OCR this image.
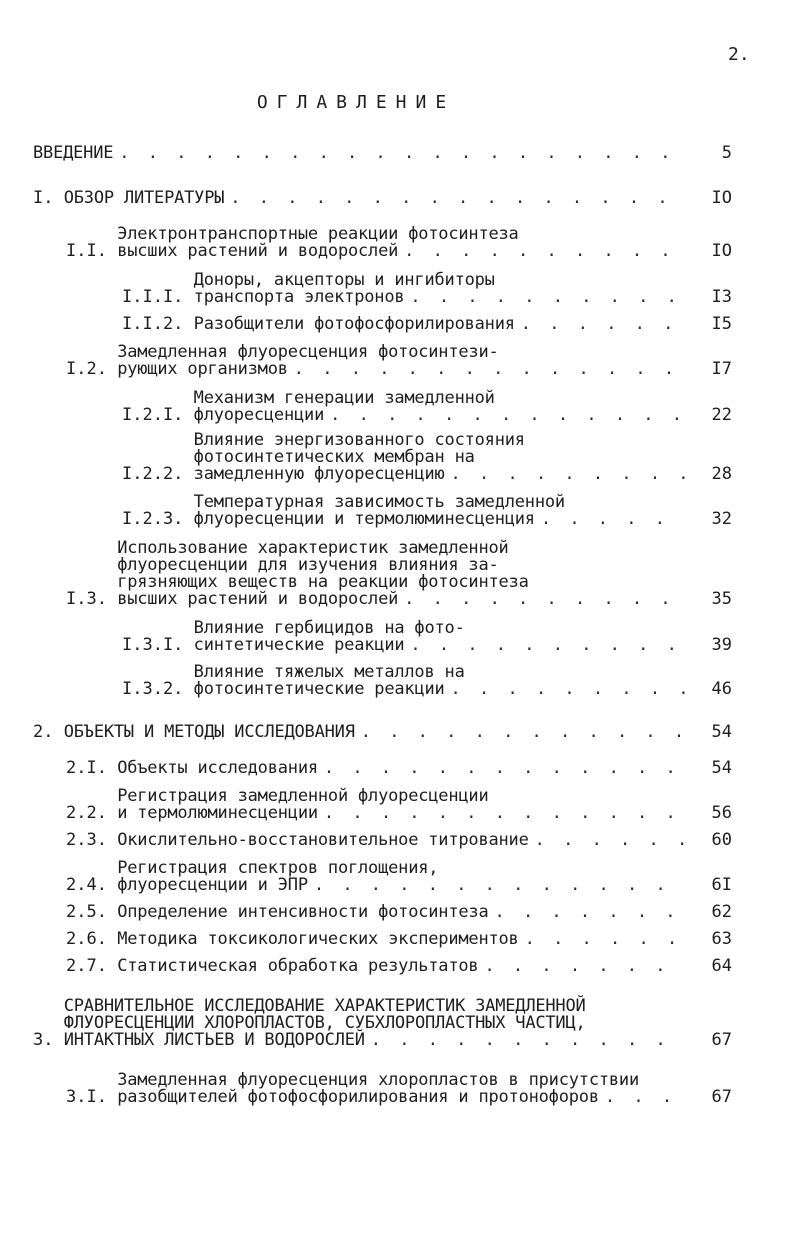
2.
ОГЛАВЛЕНИЕ
ВВЕДЕНИЕ . . .	5
I. ОБЗОР ЛИТЕРАТУРЫ . . .	IO
I.I.
Электронтранспортные реакции фотосинтеза
высших растений и водорослей . . .	IO
I.I.I.
Доноры, акцепторы и ингибиторы
транспорта электронов . . .	I3
I.I.2. Разобщители фотофосфорилирования . . .	I5
I.2.
Замедленная флуоресценция фотосинтези-
рующих организмов . . .	I7
I.2.I.
Механизм генерации замедленной
флуоресценции . . .	22
I.2.2.
Влияние энергизованного состояния
фотосинтетических мембран на
замедленную флуоресценцию . . .	28
I.2.3.
Температурная зависимость замедленной
флуоресценции и термолюминесценция . . .	32
I.3.
Использование характеристик замедленной
флуоресценции для изучения влияния за-
грязняющих веществ на реакции фотосинтеза
высших растений и водорослей . . .	35
I.3.I.
Влияние гербицидов на фото-
синтетические реакции . . .	39
I.3.2.
Влияние тяжелых металлов на
фотосинтетические реакции . . .	46
2. ОБЪЕКТЫ И МЕТОДЫ ИССЛЕДОВАНИЯ . . .	54
2.I. Объекты исследования . . .	54
2.2.
Регистрация замедленной флуоресценции
и термолюминесценции . . .	56
2.3. Окислительно-восстановительное титрование . . .	60
2.4.
Регистрация спектров поглощения,
флуоресценции и ЭПР . . .	6I
2.5. Определение интенсивности фотосинтеза . . .	62
2.6. Методика токсикологических экспериментов . . .	63
2.7. Статистическая обработка результатов . . .	64
3.
СРАВНИТЕЛЬНОЕ ИССЛЕДОВАНИЕ ХАРАКТЕРИСТИК ЗАМЕДЛЕННОЙ
ФЛУОРЕСЦЕНЦИИ ХЛОРОПЛАСТОВ, СУБХЛОРОПЛАСТНЫХ ЧАСТИЦ,
ИНТАКТНЫХ ЛИСТЬЕВ И ВОДОРОСЛЕЙ . . .	67
3.I.
Замедленная флуоресценция хлоропластов в присутствии
разобщителей фотофосфорилирования и протонофоров . . .	67
